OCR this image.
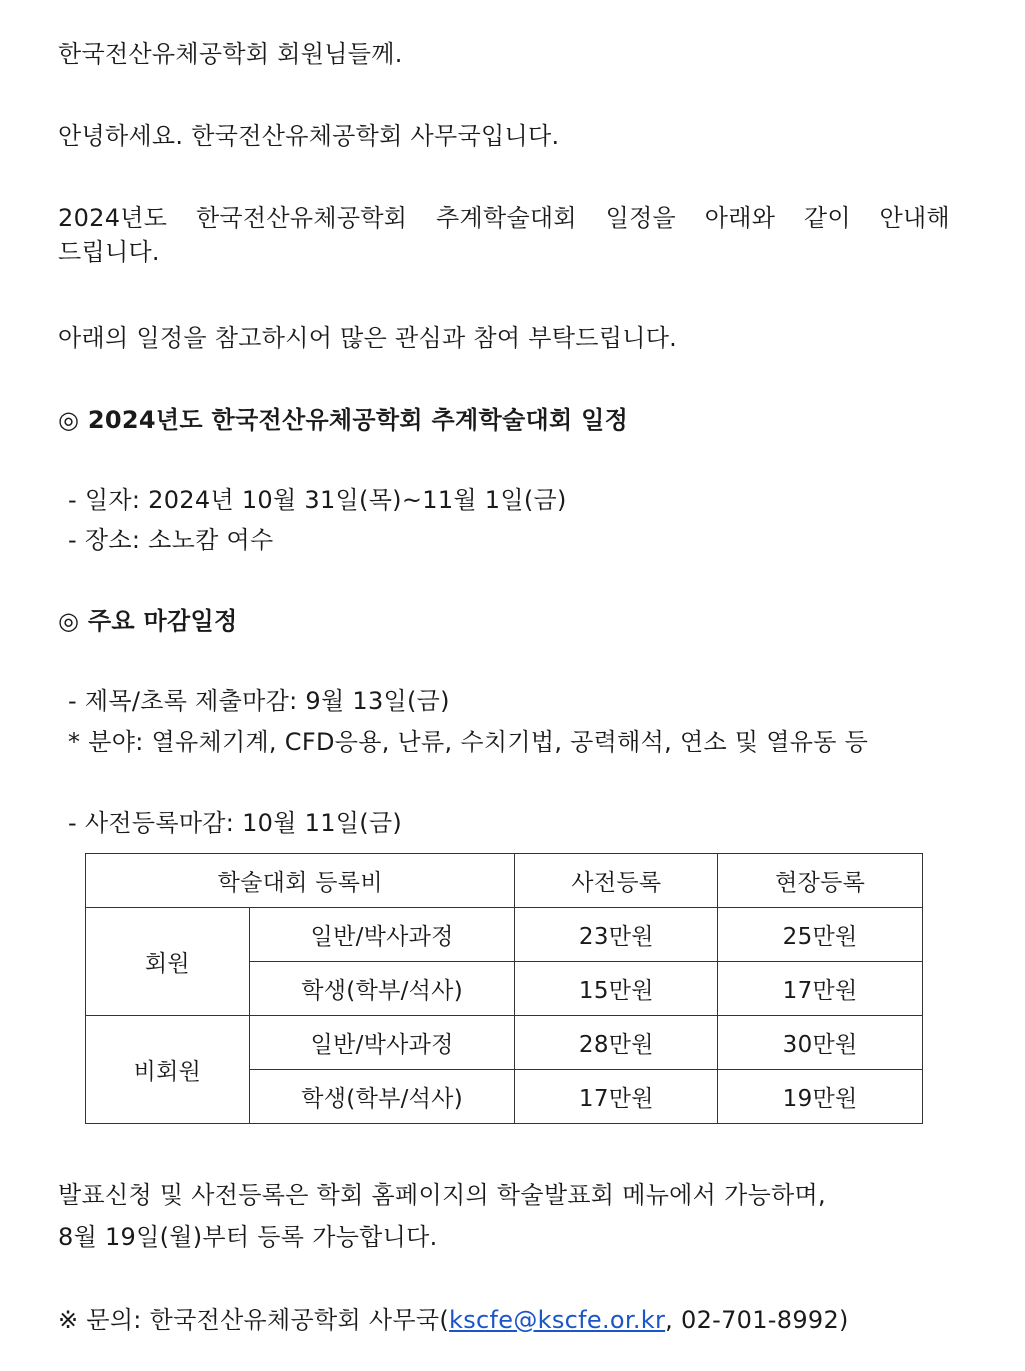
한국전산유체공학회 회원님들께.
안녕하세요. 한국전산유체공학회 사무국입니다.
2024년도 한국전산유체공학회 추계학술대회 일정을 아래와 같이 안내해 드립니다.
아래의 일정을 참고하시어 많은 관심과 참여 부탁드립니다.
◎ 2024년도 한국전산유체공학회 추계학술대회 일정
- 일자: 2024년 10월 31일(목)~11월 1일(금)
- 장소: 소노캄 여수
◎ 주요 마감일정
- 제목/초록 제출마감: 9월 13일(금)
* 분야: 열유체기계, CFD응용, 난류, 수치기법, 공력해석, 연소 및 열유동 등
- 사전등록마감: 10월 11일(금)
발표신청 및 사전등록은 학회 홈페이지의 학술발표회 메뉴에서 가능하며,
8월 19일(월)부터 등록 가능합니다.
※ 문의: 한국전산유체공학회 사무국(kscfe@kscfe.or.kr, 02-701-8992)
학술대회 등록비		사전등록	현장등록
회원	일반/박사과정	23만원	25만원
	학생(학부/석사)	15만원	17만원
비회원	일반/박사과정	28만원	30만원
	학생(학부/석사)	17만원	19만원
